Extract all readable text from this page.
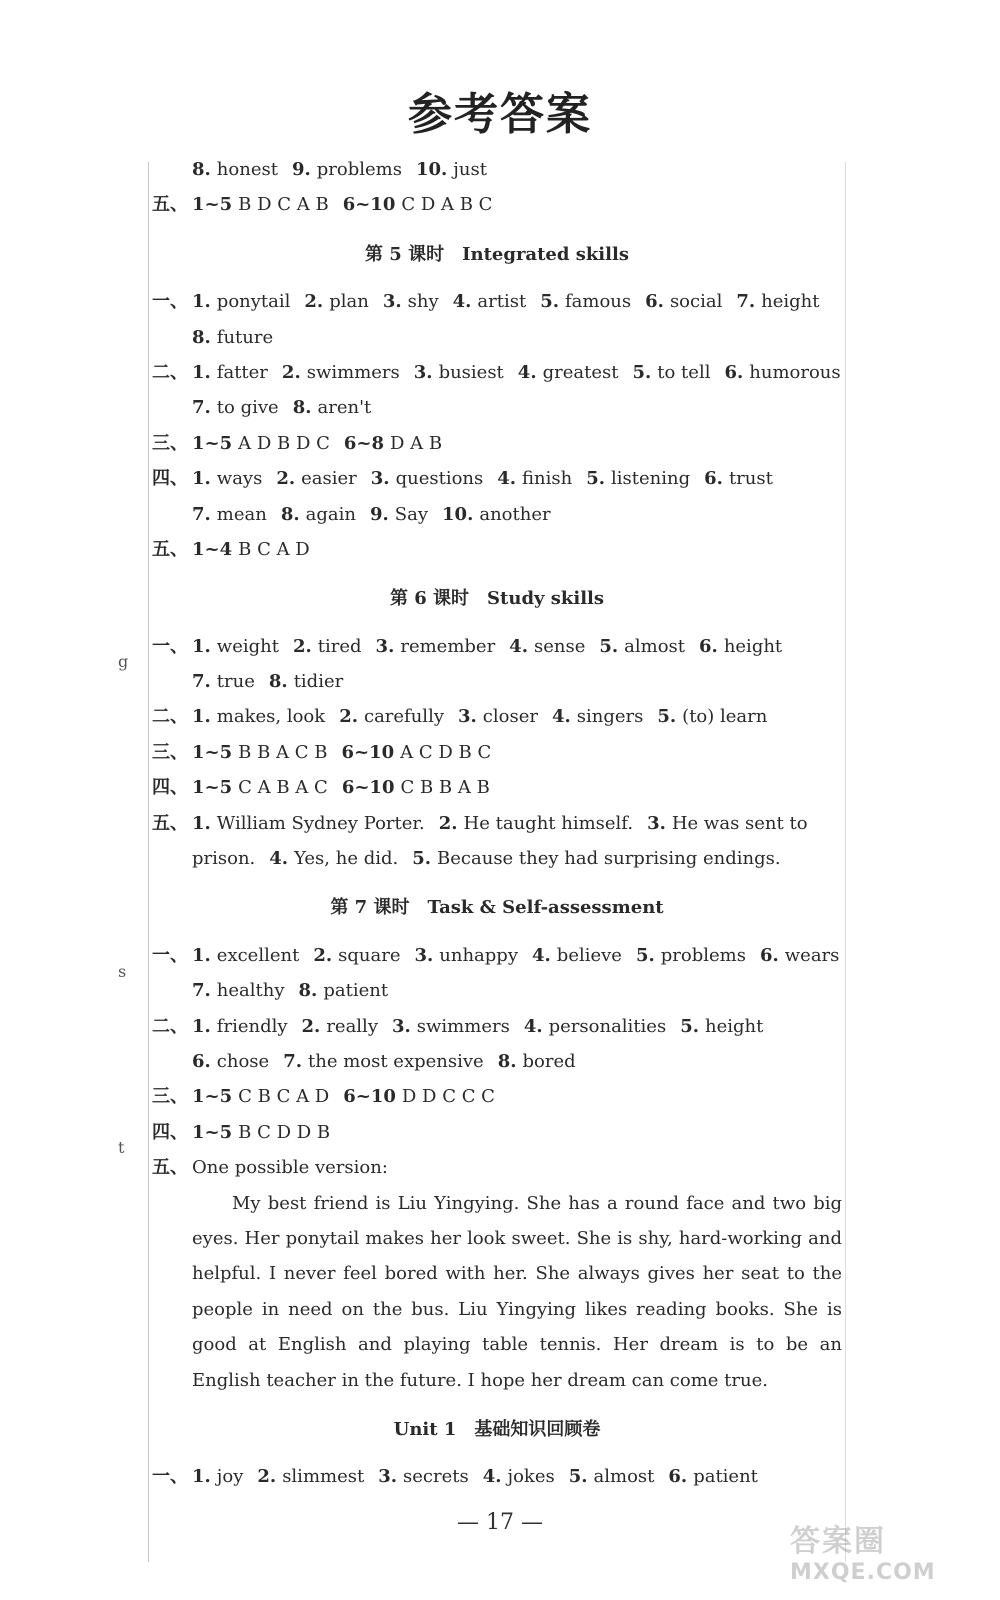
参考答案
g
s
t
8. honest 9. problems 10. just
五、 1~5 B D C A B 6~10 C D A B C
第 5 课时 Integrated skills
一、 1. ponytail 2. plan 3. shy 4. artist 5. famous 6. social 7. height
8. future
二、 1. fatter 2. swimmers 3. busiest 4. greatest 5. to tell 6. humorous
7. to give 8. aren't
三、 1~5 A D B D C 6~8 D A B
四、 1. ways 2. easier 3. questions 4. finish 5. listening 6. trust
7. mean 8. again 9. Say 10. another
五、 1~4 B C A D
第 6 课时 Study skills
一、 1. weight 2. tired 3. remember 4. sense 5. almost 6. height
7. true 8. tidier
二、 1. makes, look 2. carefully 3. closer 4. singers 5. (to) learn
三、 1~5 B B A C B 6~10 A C D B C
四、 1~5 C A B A C 6~10 C B B A B
五、 1. William Sydney Porter. 2. He taught himself. 3. He was sent to
prison. 4. Yes, he did. 5. Because they had surprising endings.
第 7 课时 Task & Self-assessment
一、 1. excellent 2. square 3. unhappy 4. believe 5. problems 6. wears
7. healthy 8. patient
二、 1. friendly 2. really 3. swimmers 4. personalities 5. height
6. chose 7. the most expensive 8. bored
三、 1~5 C B C A D 6~10 D D C C C
四、 1~5 B C D D B
五、 One possible version:

My best friend is Liu Yingying. She has a round face and two big eyes. Her ponytail makes her look sweet. She is shy, hard-working and helpful. I never feel bored with her. She always gives her seat to the people in need on the bus. Liu Yingying likes reading books. She is good at English and playing table tennis. Her dream is to be an English teacher in the future. I hope her dream can come true.

Unit 1 基础知识回顾卷
一、 1. joy 2. slimmest 3. secrets 4. jokes 5. almost 6. patient
— 17 —
答案圈
MXQE.COM
